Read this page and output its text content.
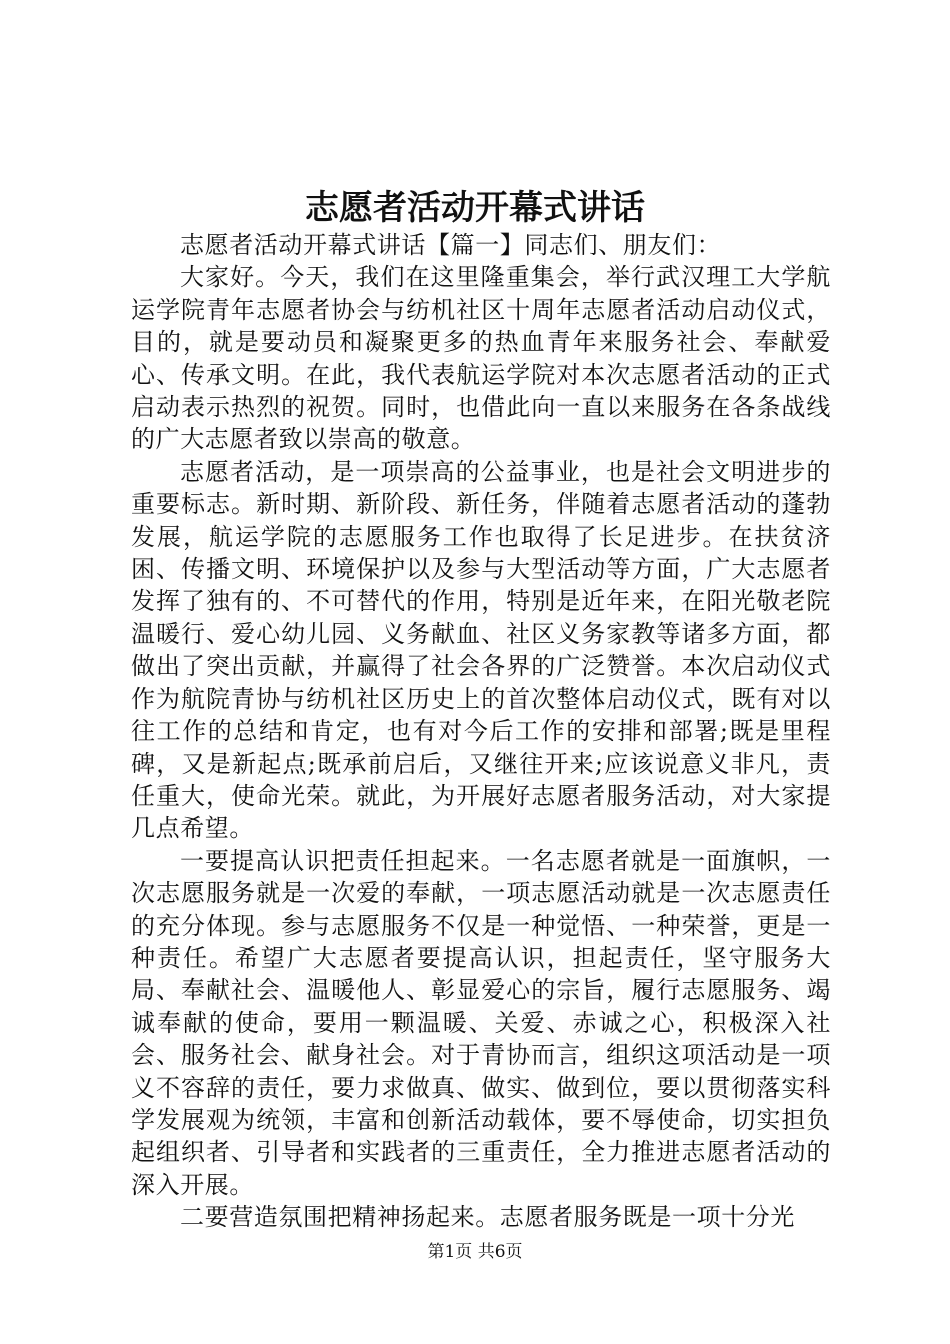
志愿者活动开幕式讲话

志愿者活动开幕式讲话【篇一】同志们、朋友们：

大家好。今天，我们在这里隆重集会，举行武汉理工大学航运学院青年志愿者协会与纺机社区十周年志愿者活动启动仪式，目的，就是要动员和凝聚更多的热血青年来服务社会、奉献爱心、传承文明。在此，我代表航运学院对本次志愿者活动的正式启动表示热烈的祝贺。同时，也借此向一直以来服务在各条战线的广大志愿者致以崇高的敬意。

志愿者活动，是一项崇高的公益事业，也是社会文明进步的重要标志。新时期、新阶段、新任务，伴随着志愿者活动的蓬勃发展，航运学院的志愿服务工作也取得了长足进步。在扶贫济困、传播文明、环境保护以及参与大型活动等方面，广大志愿者发挥了独有的、不可替代的作用，特别是近年来，在阳光敬老院温暖行、爱心幼儿园、义务献血、社区义务家教等诸多方面，都做出了突出贡献，并赢得了社会各界的广泛赞誉。本次启动仪式作为航院青协与纺机社区历史上的首次整体启动仪式，既有对以往工作的总结和肯定，也有对今后工作的安排和部署;既是里程碑，又是新起点;既承前启后，又继往开来;应该说意义非凡，责任重大，使命光荣。就此，为开展好志愿者服务活动，对大家提几点希望。

一要提高认识把责任担起来。一名志愿者就是一面旗帜，一次志愿服务就是一次爱的奉献，一项志愿活动就是一次志愿责任的充分体现。参与志愿服务不仅是一种觉悟、一种荣誉，更是一种责任。希望广大志愿者要提高认识，担起责任，坚守服务大局、奉献社会、温暖他人、彰显爱心的宗旨，履行志愿服务、竭诚奉献的使命，要用一颗温暖、关爱、赤诚之心，积极深入社会、服务社会、献身社会。对于青协而言，组织这项活动是一项义不容辞的责任，要力求做真、做实、做到位，要以贯彻落实科学发展观为统领，丰富和创新活动载体，要不辱使命，切实担负起组织者、引导者和实践者的三重责任，全力推进志愿者活动的深入开展。

二要营造氛围把精神扬起来。志愿者服务既是一项十分光

第1页 共6页
